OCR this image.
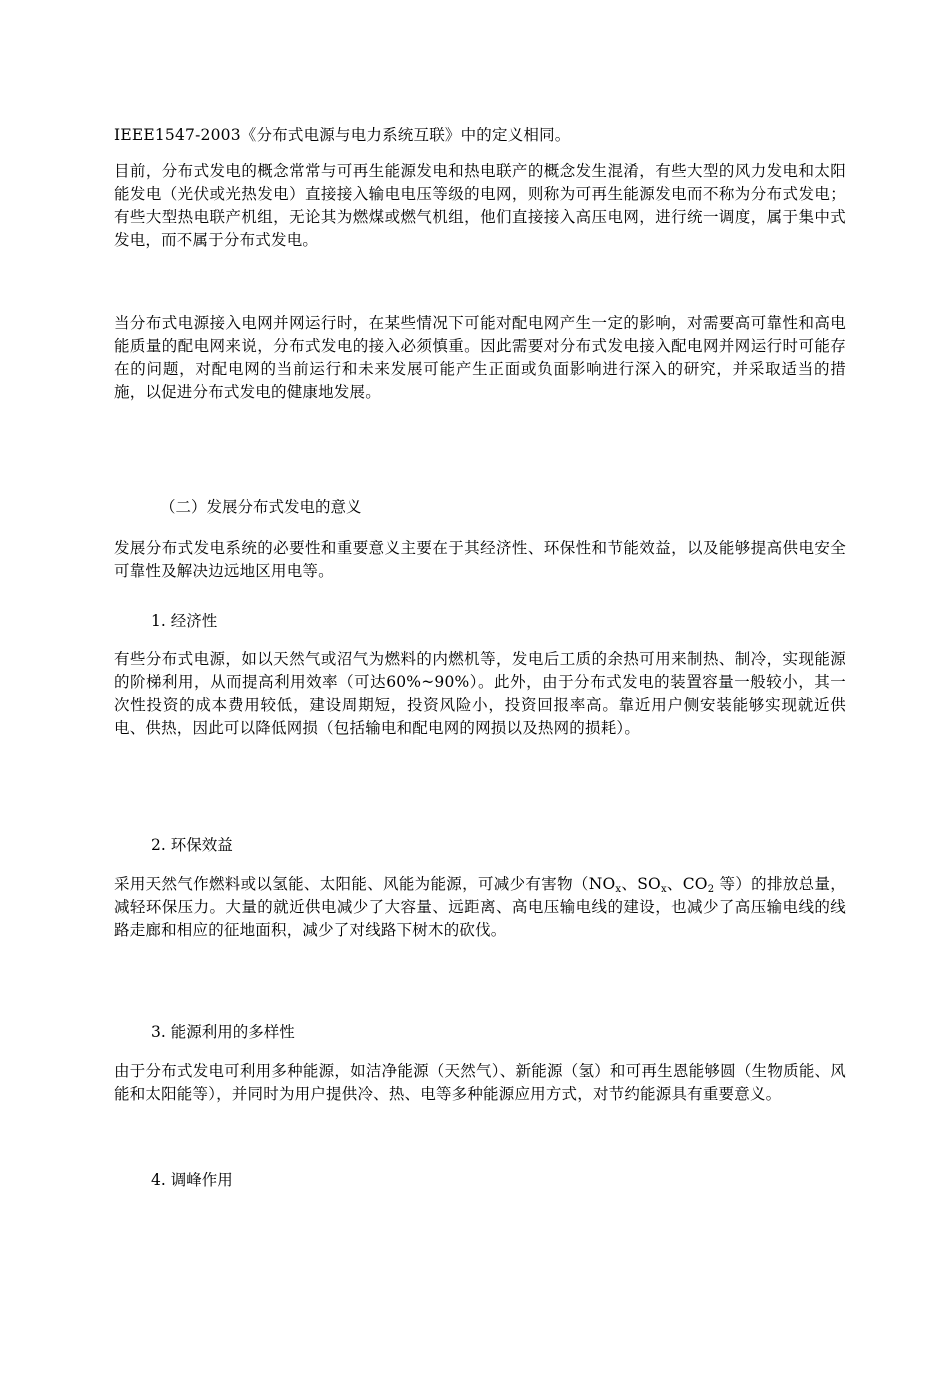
IEEE1547-2003《分布式电源与电力系统互联》中的定义相同。

目前，分布式发电的概念常常与可再生能源发电和热电联产的概念发生混淆，有些大型的风力发电和太阳能发电（光伏或光热发电）直接接入输电电压等级的电网，则称为可再生能源发电而不称为分布式发电；有些大型热电联产机组，无论其为燃煤或燃气机组，他们直接接入高压电网，进行统一调度，属于集中式发电，而不属于分布式发电。

当分布式电源接入电网并网运行时，在某些情况下可能对配电网产生一定的影响，对需要高可靠性和高电能质量的配电网来说，分布式发电的接入必须慎重。因此需要对分布式发电接入配电网并网运行时可能存在的问题，对配电网的当前运行和未来发展可能产生正面或负面影响进行深入的研究，并采取适当的措施，以促进分布式发电的健康地发展。

（二）发展分布式发电的意义

发展分布式发电系统的必要性和重要意义主要在于其经济性、环保性和节能效益，以及能够提高供电安全可靠性及解决边远地区用电等。

1. 经济性

有些分布式电源，如以天然气或沼气为燃料的内燃机等，发电后工质的余热可用来制热、制冷，实现能源的阶梯利用，从而提高利用效率（可达60%~90%）。此外，由于分布式发电的装置容量一般较小，其一次性投资的成本费用较低，建设周期短，投资风险小，投资回报率高。靠近用户侧安装能够实现就近供电、供热，因此可以降低网损（包括输电和配电网的网损以及热网的损耗）。

2. 环保效益

采用天然气作燃料或以氢能、太阳能、风能为能源，可减少有害物（$NO_x$、$SO_x$、$CO_2$ 等）的排放总量，减轻环保压力。大量的就近供电减少了大容量、远距离、高电压输电线的建设，也减少了高压输电线的线路走廊和相应的征地面积，减少了对线路下树木的砍伐。

3. 能源利用的多样性

由于分布式发电可利用多种能源，如洁净能源（天然气）、新能源（氢）和可再生恩能够圆（生物质能、风能和太阳能等），并同时为用户提供冷、热、电等多种能源应用方式，对节约能源具有重要意义。

4. 调峰作用
